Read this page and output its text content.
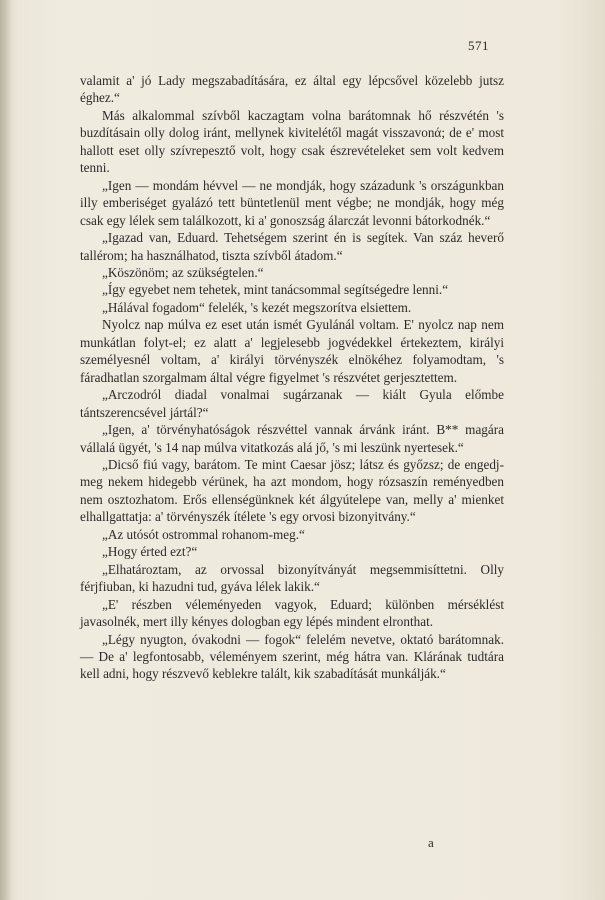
571

valamit a' jó Lady megszabadítására, ez által egy lépcsővel közelebb jutsz éghez.“

Más alkalommal szívből kaczagtam volna barátomnak hő részvétén 's buzdításain olly dolog iránt, mellynek kivitelétől magát visszavonά; de e' most hallott eset olly szívrepesztő volt, hogy csak észrevételeket sem volt kedvem tenni.

„Igen — mondám hévvel — ne mondják, hogy századunk 's országunkban illy emberiséget gyalázó tett büntetlenül ment végbe; ne mondják, hogy még csak egy lélek sem találkozott, ki a' gonoszság álarczát levonni bátorkodnék.“

„Igazad van, Eduard. Tehetségem szerint én is segítek. Van száz heverő tallérom; ha használhatod, tiszta szívből átadom.“

„Köszönöm; az szükségtelen.“

„Így egyebet nem tehetek, mint tanácsommal segítségedre lenni.“

„Hálával fogadom“ felelék, 's kezét megszorítva elsiettem.

Nyolcz nap múlva ez eset után ismét Gyulánál voltam. E' nyolcz nap nem munkátlan folyt-el; ez alatt a' legjelesebb jogvédekkel értekeztem, királyi személyesnél voltam, a' királyi törvényszék elnökéhez folyamodtam, 's fáradhatlan szorgalmam által végre figyelmet 's részvétet gerjesztettem.

„Arczodról diadal vonalmai sugárzanak — kiált Gyula előmbe tántszerencsével jártál?“

„Igen, a' törvényhatóságok részvéttel vannak árvánk iránt. B** magára vállalá ügyét, 's 14 nap múlva vitatkozás alá jő, 's mi leszünk nyertesek.“

„Dicső fiú vagy, barátom. Te mint Caesar jösz; látsz és győzsz; de engedj-meg nekem hidegebb vérünek, ha azt mondom, hogy rózsaszín reményedben nem osztozhatom. Erős ellenségünknek két álgyútelepe van, melly a' mienket elhallgattatja: a' törvényszék ítélete 's egy orvosi bizonyitvány.“

„Az utósót ostrommal rohanom-meg.“

„Hogy érted ezt?“

„Elhatároztam, az orvossal bizonyítványát megsemmisíttetni. Olly férjfiuban, ki hazudni tud, gyáva lélek lakik.“

„E' részben véleményeden vagyok, Eduard; különben mérséklést javasolnék, mert illy kényes dologban egy lépés mindent elronthat.

„Légy nyugton, óvakodni — fogok“ felelém nevetve, oktató barátomnak. — De a' legfontosabb, véleményem szerint, még hátra van. Klárának tudtára kell adni, hogy részvevő keblekre talált, kik szabadítását munkálják.“

a
